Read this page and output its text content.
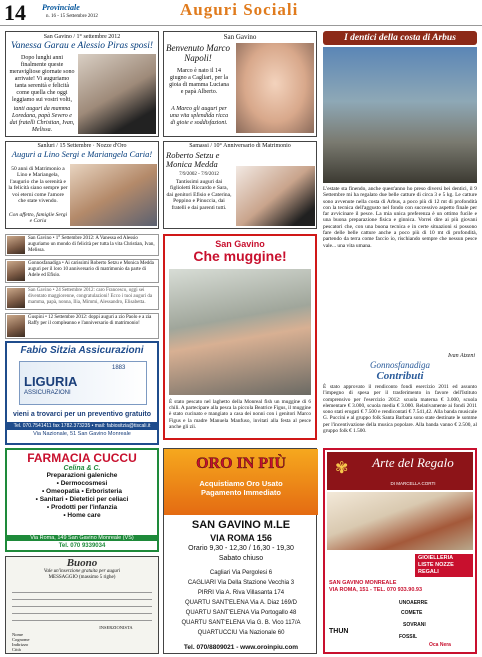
14 Provinciale
n. 16 - 15 Settembre 2012	Auguri Sociali
San Gavino / 1° settembre 2012
Vanessa Garau e Alessio Piras sposi!
Dopo lunghi anni finalmente queste meravigliose giornate sono arrivate! Vi auguriamo tanta serenità e felicità come quella che oggi leggiamo sui vostri volti,
tanti auguri da mamma Loredana, papà Severo e dai fratelli Christian, Ivan, Melissa.
San Gavino
Benvenuto Marco Napoli!
Marco è nato il 14 giugno a Cagliari, per la gioia di mamma Luciana e papà Alberto.
A Marco gli auguri per una vita splendida ricca di gioie e soddisfazioni.
I dentici della costa di Arbus
L'estate sta finendo, anche quest'anno ho preso diversi bei dentici, il 9 Settembre mi ha regalato due belle catture di circa 3 e 5 kg. Le catture sono avvenute nella costa di Arbus, a poco più di 12 mt di profondità con la tecnica dell'aggusto nel fondo con successivo aspetto finale per far avvicinare il pesce. La mia unica preferenza è un ottimo fucile e una buona preparazione fisica e ginnica. Vorrei dire ai più giovani pescatori che, con una buona tecnica e in certe situazioni si possono fare delle belle catture anche a poco più di 10 mt di profondità, partendo da terra come faccio io, rischiando sempre che nessun pesce vale... una vita umana.
Ivan Atzeni
Sanluri / 15 Settembre · Nozze d'Oro
Auguri a Lino Sergi e Mariangela Caria!
50 anni di Matrimonio a Lino e Mariangela, l'augurio che la serenità e la felicità siano sempre per voi eterni come l'amore che state vivendo.
Con affetto, famiglie Sergi e Caria
Samassi / 10° Anniversario di Matrimonio
Roberto Setzu e Monica Medda
7/9/2002 - 7/9/2012
Tantissimi auguri dai figlioletti Riccardo e Sara, dai genitori Efisio e Caterina, Peppino e Pinuccia, dai fratelli e dai parenti tutti.
San Gavino • 1° Settembre 2012: A Vanessa ed Alessio auguriamo un mondo di felicità per tutta la vita Christian, Ivan, Melissa.
Gonnosfanadiga • Ai carissimi Roberto Setzu e Monica Medda auguri per il loro 10 anniversario di matrimonio da parte di Adele ed Efisio.
San Gavino • 24 Settembre 2012: caro Francesco, oggi sei diventato maggiorenne, congratulazioni! Ecco i tuoi auguri da mamma, papà, nonna, Ilia, Mimmi, Alessandro, Elisabetta.
Guspini • 12 Settembre 2012: doppi auguri a zio Paolo e a zia Raffy per il compleanno e l'anniversario di matrimonio!
San Gavino
Che muggine!
È stato pescato nel laghetto della Monreal fish un muggine di 6 chili. A partecipare alla pesca la piccola Beatrice Figus, il muggine è stato cucinato e mangiato a casa dei nonni con i genitori Marco Figus e la madre Manuela Manfuso, invitati alla festa al pesce anche gli zii.
Gonnosfanadiga
Contributi
È stato approvato il rendiconto fondi esercizio 2011 ed assunto l'impegno di spesa per il trasferimento in favore dell'Istituto comprensivo per l'esercizio 2012: scuola materna € 3.000, scuola elementare € 3.000, scuola media € 3.000. Relativamente ai fondi 2011 sono stati erogati € 7.500 e rendicontati € 7.541,42. Alla banda musicale G. Puccini e al gruppo folk Santa Barbara sono state destinate le somme per l'incentivazione della musica popolare. Alla banda vanno € 2.500, al gruppo folk € 1.500.
Fabio Sitzia Assicurazioni
LIGURIA
ASSICURAZIONI
1883
vieni a trovarci per un preventivo gratuito
Tel. 070.7541411 fax 1782.373235 • mail: fabiositzia@tiscali.it
Via Nazionale, 51 San Gavino Monreale
FARMACIA CUCCU
Celina & C.
Preparazioni galeniche
• Dermocosmesi
• Omeopatia • Erboristeria
• Sanitari • Dietetici per celiaci
• Prodotti per l'infanzia
• Home care
Via Roma, 149 San Gavino Monreale (VS)
Tel. 070 9339034
Buono
Vale un'inserzione gratuita per auguri
MESSAGGIO (massimo 5 righe)
INSERZIONISTA
Nome
Cognome
Indirizzo
Città
ORO IN PIÙ
Acquistiamo Oro Usato
Pagamento Immediato
SAN GAVINO M.LE
VIA ROMA 156
Orario 9,30 - 12,30 / 16,30 - 19,30
Sabato chiuso
Cagliari Via Pergolesi 6
CAGLIARI Via Della Stazione Vecchia 3
PIRRI Via A. Riva Villasanta 174
QUARTU SANT'ELENA Via A. Diaz 169/D
QUARTU SANT'ELENA Via Portogallo 48
QUARTU SANT'ELENA Via G. B. Vico 117/A
QUARTUCCIU Via Nazionale 60
Tel. 070/8809021 - www.oroinpiu.com
✾	Arte del Regalo
DI MARCELLA CORTI
GIOIELLERIA
LISTE NOZZE
REGALI
SAN GAVINO MONREALE
VIA ROMA, 151 - TEL. 070 933.90.93
UNOAERRE
COMETE
SOVRANI
FOSSIL
THUN
Oca Nera
